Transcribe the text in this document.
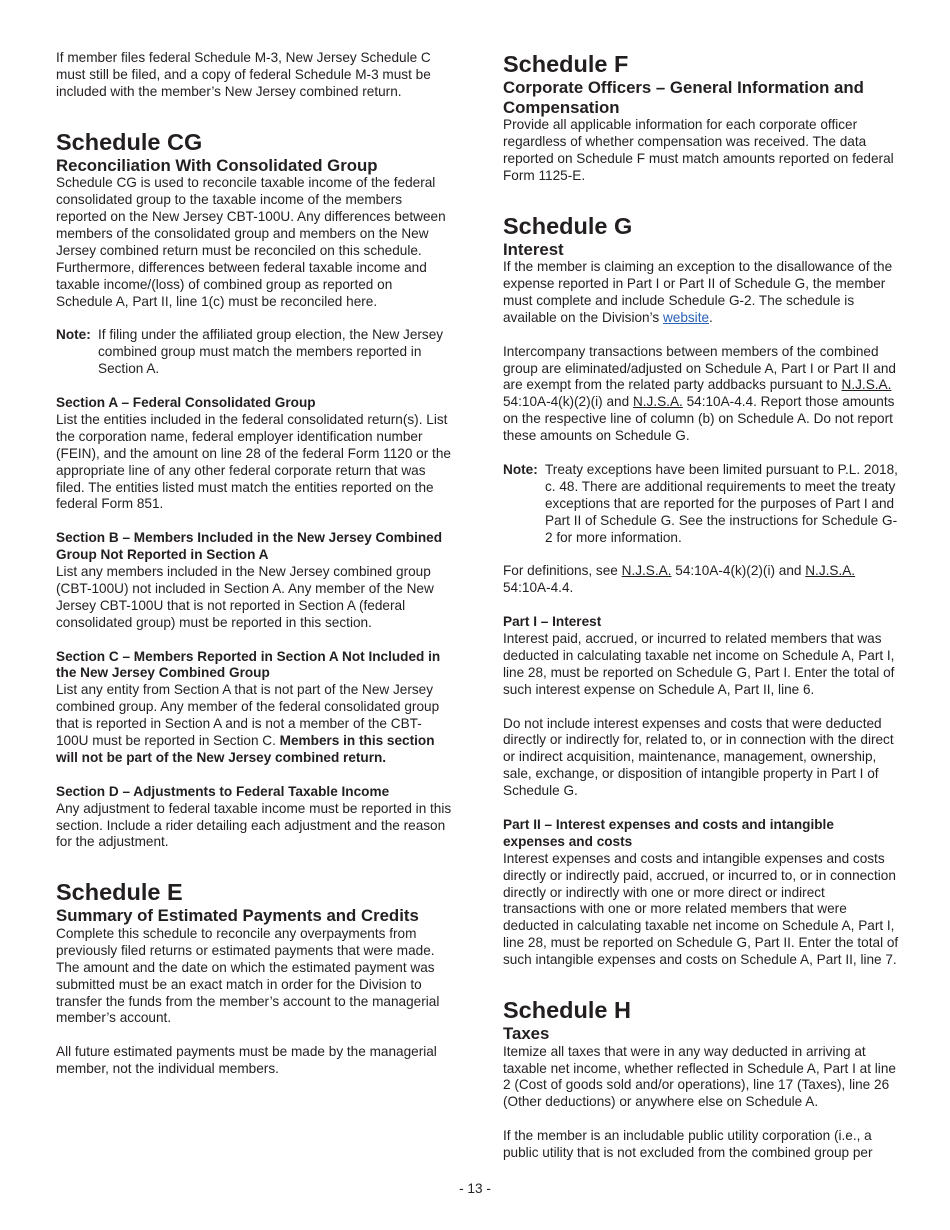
If member files federal Schedule M-3, New Jersey Schedule C must still be filed, and a copy of federal Schedule M-3 must be included with the member’s New Jersey combined return.

Schedule CG
Reconciliation With Consolidated Group

Schedule CG is used to reconcile taxable income of the federal consolidated group to the taxable income of the members reported on the New Jersey CBT-100U. Any differences between members of the consolidated group and members on the New Jersey combined return must be reconciled on this schedule. Furthermore, differences between federal taxable income and taxable income/(loss) of combined group as reported on Schedule A, Part II, line 1(c) must be reconciled here.

Note: If filing under the affiliated group election, the New Jersey combined group must match the members reported in Section A.

Section A – Federal Consolidated Group

List the entities included in the federal consolidated return(s). List the corporation name, federal employer identification number (FEIN), and the amount on line 28 of the federal Form 1120 or the appropriate line of any other federal corporate return that was filed. The entities listed must match the entities reported on the federal Form 851.

Section B – Members Included in the New Jersey Combined Group Not Reported in Section A

List any members included in the New Jersey combined group (CBT-100U) not included in Section A. Any member of the New Jersey CBT-100U that is not reported in Section A (federal consolidated group) must be reported in this section.

Section C – Members Reported in Section A Not Included in the New Jersey Combined Group

List any entity from Section A that is not part of the New Jersey combined group. Any member of the federal consolidated group that is reported in Section A and is not a member of the CBT-100U must be reported in Section C. Members in this section will not be part of the New Jersey combined return.

Section D – Adjustments to Federal Taxable Income

Any adjustment to federal taxable income must be reported in this section. Include a rider detailing each adjustment and the reason for the adjustment.

Schedule E
Summary of Estimated Payments and Credits

Complete this schedule to reconcile any overpayments from previously filed returns or estimated payments that were made. The amount and the date on which the estimated payment was submitted must be an exact match in order for the Division to transfer the funds from the member’s account to the managerial member’s account.

All future estimated payments must be made by the managerial member, not the individual members.

Schedule F
Corporate Officers – General Information and Compensation

Provide all applicable information for each corporate officer regardless of whether compensation was received. The data reported on Schedule F must match amounts reported on federal Form 1125-E.

Schedule G
Interest

If the member is claiming an exception to the disallowance of the expense reported in Part I or Part II of Schedule G, the member must complete and include Schedule G-2. The schedule is available on the Division’s website.

Intercompany transactions between members of the combined group are eliminated/adjusted on Schedule A, Part I or Part II and are exempt from the related party addbacks pursuant to N.J.S.A. 54:10A-4(k)(2)(i) and N.J.S.A. 54:10A-4.4. Report those amounts on the respective line of column (b) on Schedule A. Do not report these amounts on Schedule G.

Note: Treaty exceptions have been limited pursuant to P.L. 2018, c. 48. There are additional requirements to meet the treaty exceptions that are reported for the purposes of Part I and Part II of Schedule G. See the instructions for Schedule G-2 for more information.

For definitions, see N.J.S.A. 54:10A-4(k)(2)(i) and N.J.S.A. 54:10A-4.4.

Part I – Interest

Interest paid, accrued, or incurred to related members that was deducted in calculating taxable net income on Schedule A, Part I, line 28, must be reported on Schedule G, Part I. Enter the total of such interest expense on Schedule A, Part II, line 6.

Do not include interest expenses and costs that were deducted directly or indirectly for, related to, or in connection with the direct or indirect acquisition, maintenance, management, ownership, sale, exchange, or disposition of intangible property in Part I of Schedule G.

Part II – Interest expenses and costs and intangible expenses and costs

Interest expenses and costs and intangible expenses and costs directly or indirectly paid, accrued, or incurred to, or in connection directly or indirectly with one or more direct or indirect transactions with one or more related members that were deducted in calculating taxable net income on Schedule A, Part I, line 28, must be reported on Schedule G, Part II. Enter the total of such intangible expenses and costs on Schedule A, Part II, line 7.

Schedule H
Taxes

Itemize all taxes that were in any way deducted in arriving at taxable net income, whether reflected in Schedule A, Part I at line 2 (Cost of goods sold and/or operations), line 17 (Taxes), line 26 (Other deductions) or anywhere else on Schedule A.

If the member is an includable public utility corporation (i.e., a public utility that is not excluded from the combined group per

- 13 -
